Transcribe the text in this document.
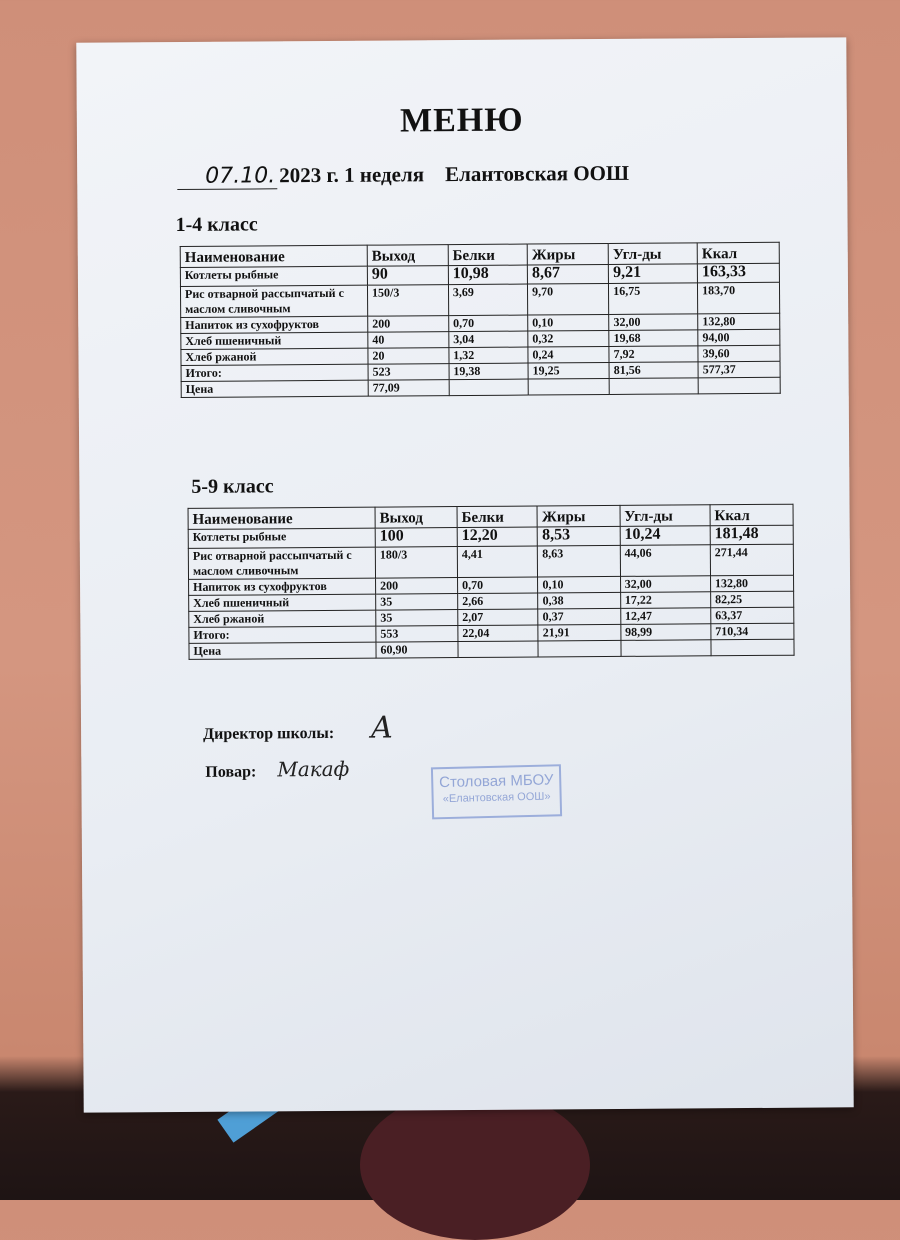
МЕНЮ
07.10. 2023 г. 1 неделя    Елантовская ООШ
1-4 класс
Наименование	Выход	Белки	Жиры	Угл-ды	Ккал
Котлеты рыбные	90	10,98	8,67	9,21	163,33
Рис отварной рассыпчатый с маслом сливочным	150/3	3,69	9,70	16,75	183,70
Напиток из сухофруктов	200	0,70	0,10	32,00	132,80
Хлеб пшеничный	40	3,04	0,32	19,68	94,00
Хлеб ржаной	20	1,32	0,24	7,92	39,60
Итого:	523	19,38	19,25	81,56	577,37
Цена	77,09				
5-9 класс
Наименование	Выход	Белки	Жиры	Угл-ды	Ккал
Котлеты рыбные	100	12,20	8,53	10,24	181,48
Рис отварной рассыпчатый с маслом сливочным	180/3	4,41	8,63	44,06	271,44
Напиток из сухофруктов	200	0,70	0,10	32,00	132,80
Хлеб пшеничный	35	2,66	0,38	17,22	82,25
Хлеб ржаной	35	2,07	0,37	12,47	63,37
Итого:	553	22,04	21,91	98,99	710,34
Цена	60,90				
Директор школы: A
Повар: Макаф	Столовая МБОУ
«Елантовская ООШ»
